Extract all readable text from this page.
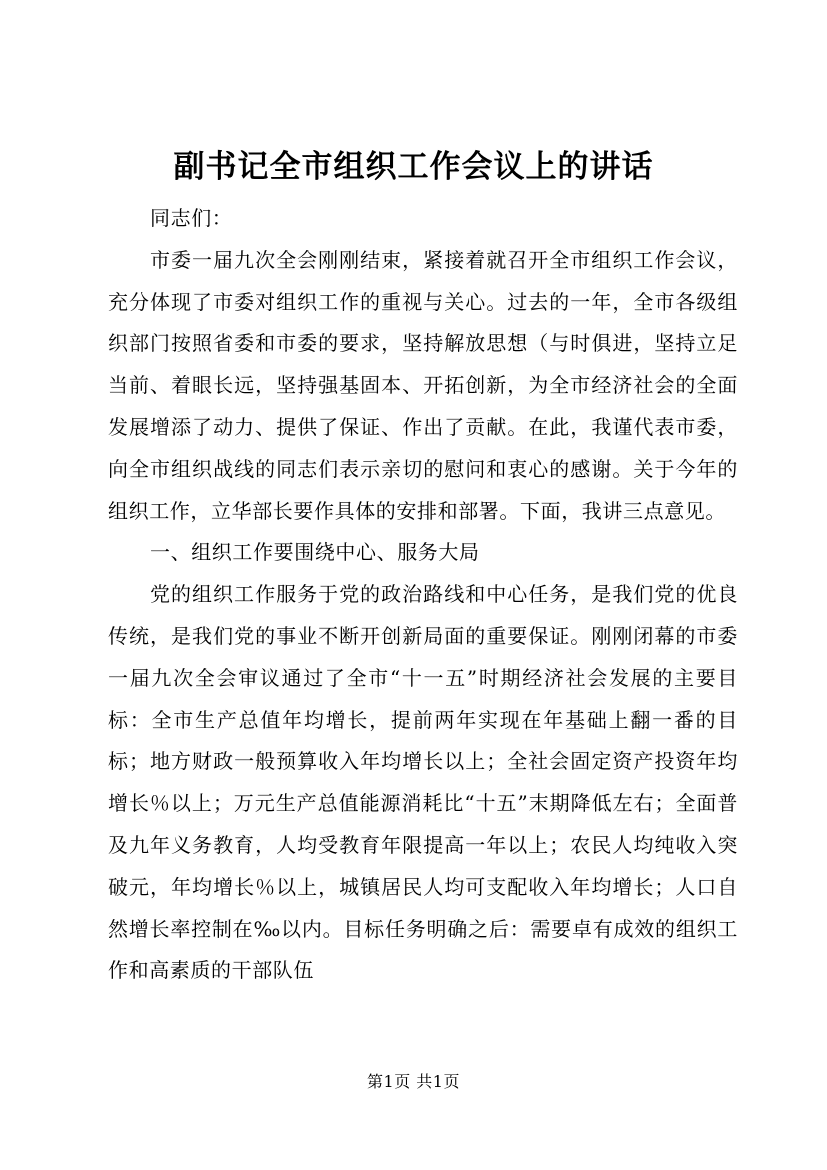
副书记全市组织工作会议上的讲话

同志们：

市委一届九次全会刚刚结束，紧接着就召开全市组织工作会议，充分体现了市委对组织工作的重视与关心。过去的一年，全市各级组织部门按照省委和市委的要求，坚持解放思想（与时俱进，坚持立足当前、着眼长远，坚持强基固本、开拓创新，为全市经济社会的全面发展增添了动力、提供了保证、作出了贡献。在此，我谨代表市委，向全市组织战线的同志们表示亲切的慰问和衷心的感谢。关于今年的组织工作，立华部长要作具体的安排和部署。下面，我讲三点意见。

一、组织工作要围绕中心、服务大局

党的组织工作服务于党的政治路线和中心任务，是我们党的优良传统，是我们党的事业不断开创新局面的重要保证。刚刚闭幕的市委一届九次全会审议通过了全市“十一五”时期经济社会发展的主要目标：全市生产总值年均增长，提前两年实现在年基础上翻一番的目标；地方财政一般预算收入年均增长以上；全社会固定资产投资年均增长％以上；万元生产总值能源消耗比“十五”末期降低左右；全面普及九年义务教育，人均受教育年限提高一年以上；农民人均纯收入突破元，年均增长％以上，城镇居民人均可支配收入年均增长；人口自然增长率控制在‰以内。目标任务明确之后：需要卓有成效的组织工作和高素质的干部队伍

第1页 共1页
